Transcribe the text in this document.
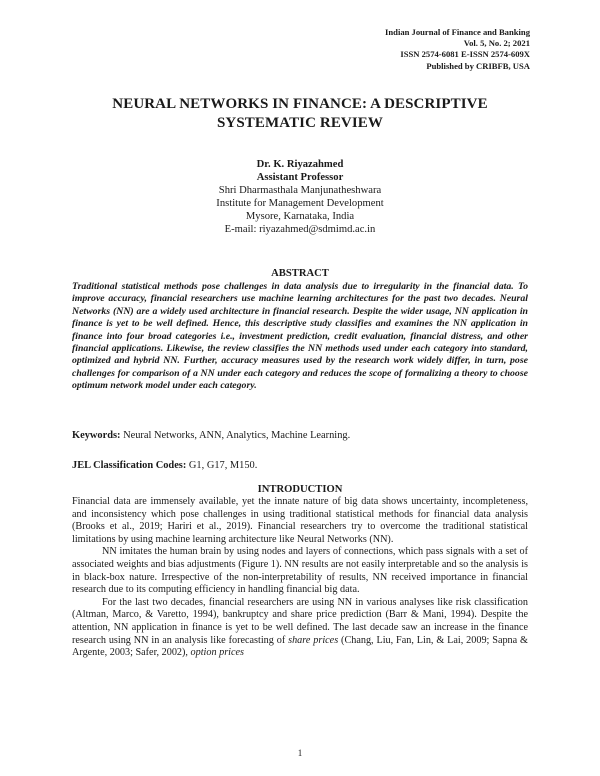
Indian Journal of Finance and Banking
Vol. 5, No. 2; 2021
ISSN 2574-6081 E-ISSN 2574-609X
Published by CRIBFB, USA
NEURAL NETWORKS IN FINANCE: A DESCRIPTIVE
SYSTEMATIC REVIEW
Dr. K. Riyazahmed
Assistant Professor
Shri Dharmasthala Manjunatheshwara
Institute for Management Development
Mysore, Karnataka, India
E-mail: riyazahmed@sdmimd.ac.in
ABSTRACT
Traditional statistical methods pose challenges in data analysis due to irregularity in the financial data. To improve accuracy, financial researchers use machine learning architectures for the past two decades. Neural Networks (NN) are a widely used architecture in financial research. Despite the wider usage, NN application in finance is yet to be well defined. Hence, this descriptive study classifies and examines the NN application in finance into four broad categories i.e., investment prediction, credit evaluation, financial distress, and other financial applications. Likewise, the review classifies the NN methods used under each category into standard, optimized and hybrid NN. Further, accuracy measures used by the research work widely differ, in turn, pose challenges for comparison of a NN under each category and reduces the scope of formalizing a theory to choose optimum network model under each category.
Keywords: Neural Networks, ANN, Analytics, Machine Learning.
JEL Classification Codes: G1, G17, M150.
INTRODUCTION

Financial data are immensely available, yet the innate nature of big data shows uncertainty, incompleteness, and inconsistency which pose challenges in using traditional statistical methods for financial data analysis (Brooks et al., 2019; Hariri et al., 2019). Financial researchers try to overcome the traditional statistical limitations by using machine learning architecture like Neural Networks (NN).

NN imitates the human brain by using nodes and layers of connections, which pass signals with a set of associated weights and bias adjustments (Figure 1). NN results are not easily interpretable and so the analysis is in black-box nature. Irrespective of the non-interpretability of results, NN received importance in financial research due to its computing efficiency in handling financial big data.

For the last two decades, financial researchers are using NN in various analyses like risk classification (Altman, Marco, & Varetto, 1994), bankruptcy and share price prediction (Barr & Mani, 1994). Despite the attention, NN application in finance is yet to be well defined. The last decade saw an increase in the finance research using NN in an analysis like forecasting of share prices (Chang, Liu, Fan, Lin, & Lai, 2009; Sapna & Argente, 2003; Safer, 2002), option prices

1
